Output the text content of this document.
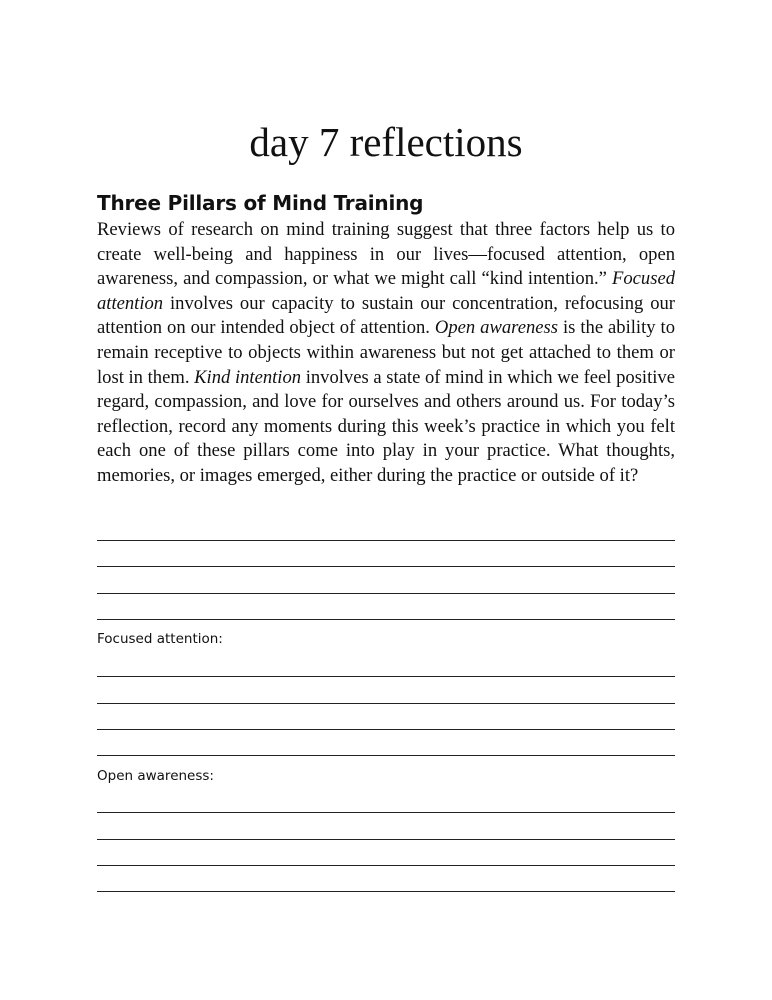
day 7 reflections
Three Pillars of Mind Training

Reviews of research on mind training suggest that three factors help us to create well-being and happiness in our lives—focused attention, open awareness, and compassion, or what we might call “kind intention.” Focused attention involves our capacity to sustain our concentration, refocusing our attention on our intended object of attention. Open awareness is the ability to remain receptive to objects within awareness but not get attached to them or lost in them. Kind intention involves a state of mind in which we feel positive regard, compassion, and love for ourselves and others around us. For today’s reflection, record any moments during this week’s practice in which you felt each one of these pillars come into play in your practice. What thoughts, memories, or images emerged, either during the practice or outside of it?

Focused attention:
Open awareness:
